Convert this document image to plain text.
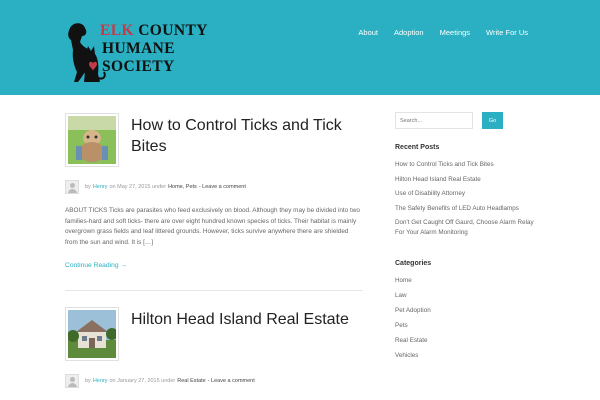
ELK COUNTY
HUMANE
SOCIETY
About Adoption Meetings Write For Us
How to Control Ticks and Tick Bites
by Henry on May 27, 2015 under Home, Pets - Leave a comment

ABOUT TICKS Ticks are parasites who feed exclusively on blood. Although they may be divided into two families-hard and soft ticks- there are over eight hundred known species of ticks. Their habitat is mainly overgrown grass fields and leaf littered grounds. However, ticks survive anywhere there are shielded from the sun and wind. It is […]

Continue Reading →
Hilton Head Island Real Estate
by Henry on January 27, 2015 under Real Estate - Leave a comment
Search...
Go
Recent Posts
How to Control Ticks and Tick Bites
Hilton Head Island Real Estate
Use of Disability Attorney
The Safety Benefits of LED Auto Headlamps
Don't Get Caught Off Gaurd, Choose Alarm Relay For Your Alarm Monitoring
Categories
Home
Law
Pet Adoption
Pets
Real Estate
Vehicles
